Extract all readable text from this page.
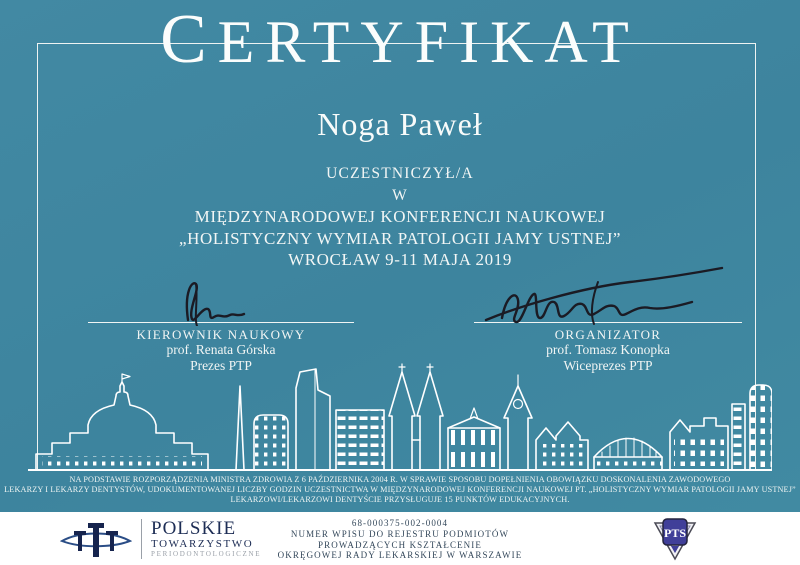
CERTYFIKAT
Noga Paweł
UCZESTNICZYŁ/A
W
MIĘDZYNARODOWEJ KONFERENCJI NAUKOWEJ
„HOLISTYCZNY WYMIAR PATOLOGII JAMY USTNEJ”
WROCŁAW 9-11 MAJA 2019
KIEROWNIK NAUKOWY
prof. Renata Górska
Prezes PTP
ORGANIZATOR
prof. Tomasz Konopka
Wiceprezes PTP
NA PODSTAWIE ROZPORZĄDZENIA MINISTRA ZDROWIA Z 6 PAŹDZIERNIKA 2004 R. W SPRAWIE SPOSOBU DOPEŁNIENIA OBOWIĄZKU DOSKONALENIA ZAWODOWEGO
LEKARZY I LEKARZY DENTYSTÓW, UDOKUMENTOWANEJ LICZBY GODZIN UCZESTNICTWA W MIĘDZYNARODOWEJ KONFERENCJI NAUKOWEJ PT. „HOLISTYCZNY WYMIAR PATOLOGII JAMY USTNEJ”
LEKARZOWI/LEKARZOWI DENTYŚCIE PRZYSŁUGUJE 15 PUNKTÓW EDUKACYJNYCH.
POLSKIE
TOWARZYSTWO
PERIODONTOLOGICZNE
68-000375-002-0004
NUMER WPISU DO REJESTRU PODMIOTÓW
PROWADZĄCYCH KSZTAŁCENIE
OKRĘGOWEJ RADY LEKARSKIEJ W WARSZAWIE
PTS
